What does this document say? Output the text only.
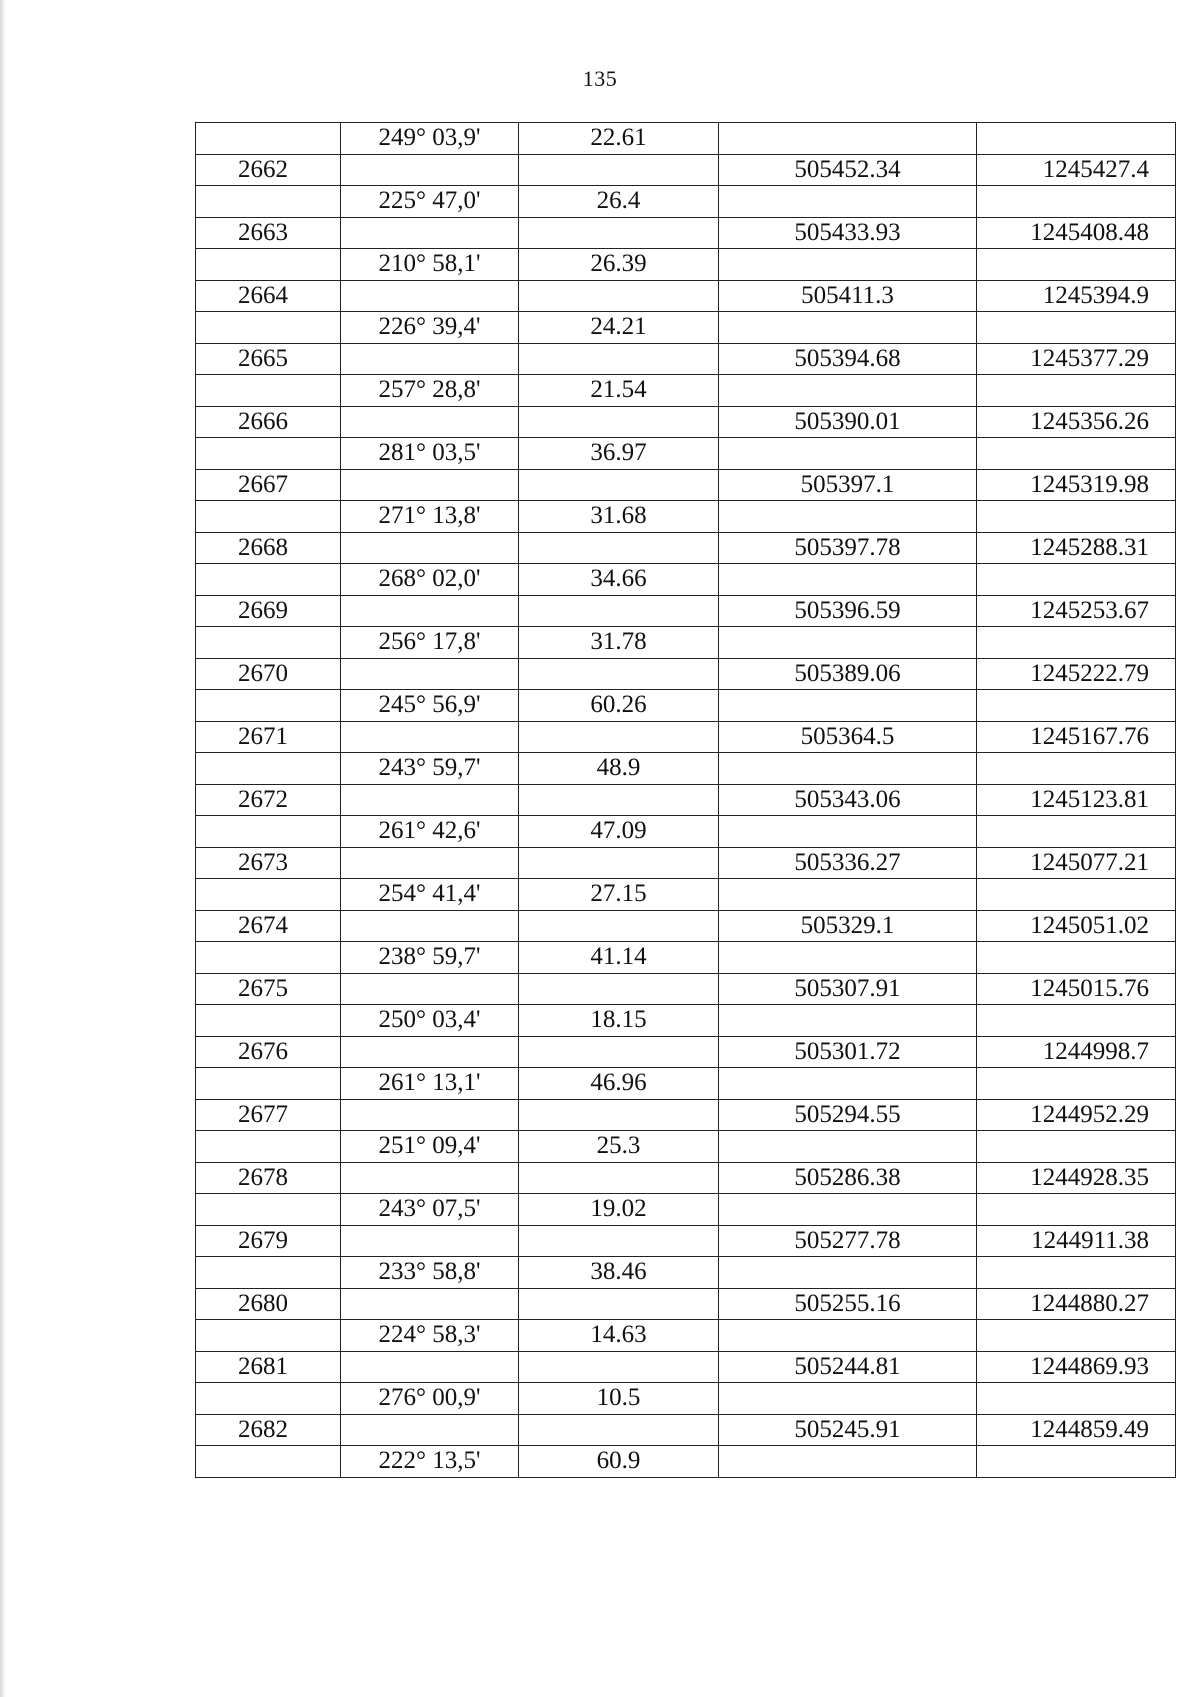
135
	249° 03,9'	22.61		
2662			505452.34	1245427.4
	225° 47,0'	26.4		
2663			505433.93	1245408.48
	210° 58,1'	26.39		
2664			505411.3	1245394.9
	226° 39,4'	24.21		
2665			505394.68	1245377.29
	257° 28,8'	21.54		
2666			505390.01	1245356.26
	281° 03,5'	36.97		
2667			505397.1	1245319.98
	271° 13,8'	31.68		
2668			505397.78	1245288.31
	268° 02,0'	34.66		
2669			505396.59	1245253.67
	256° 17,8'	31.78		
2670			505389.06	1245222.79
	245° 56,9'	60.26		
2671			505364.5	1245167.76
	243° 59,7'	48.9		
2672			505343.06	1245123.81
	261° 42,6'	47.09		
2673			505336.27	1245077.21
	254° 41,4'	27.15		
2674			505329.1	1245051.02
	238° 59,7'	41.14		
2675			505307.91	1245015.76
	250° 03,4'	18.15		
2676			505301.72	1244998.7
	261° 13,1'	46.96		
2677			505294.55	1244952.29
	251° 09,4'	25.3		
2678			505286.38	1244928.35
	243° 07,5'	19.02		
2679			505277.78	1244911.38
	233° 58,8'	38.46		
2680			505255.16	1244880.27
	224° 58,3'	14.63		
2681			505244.81	1244869.93
	276° 00,9'	10.5		
2682			505245.91	1244859.49
	222° 13,5'	60.9		
